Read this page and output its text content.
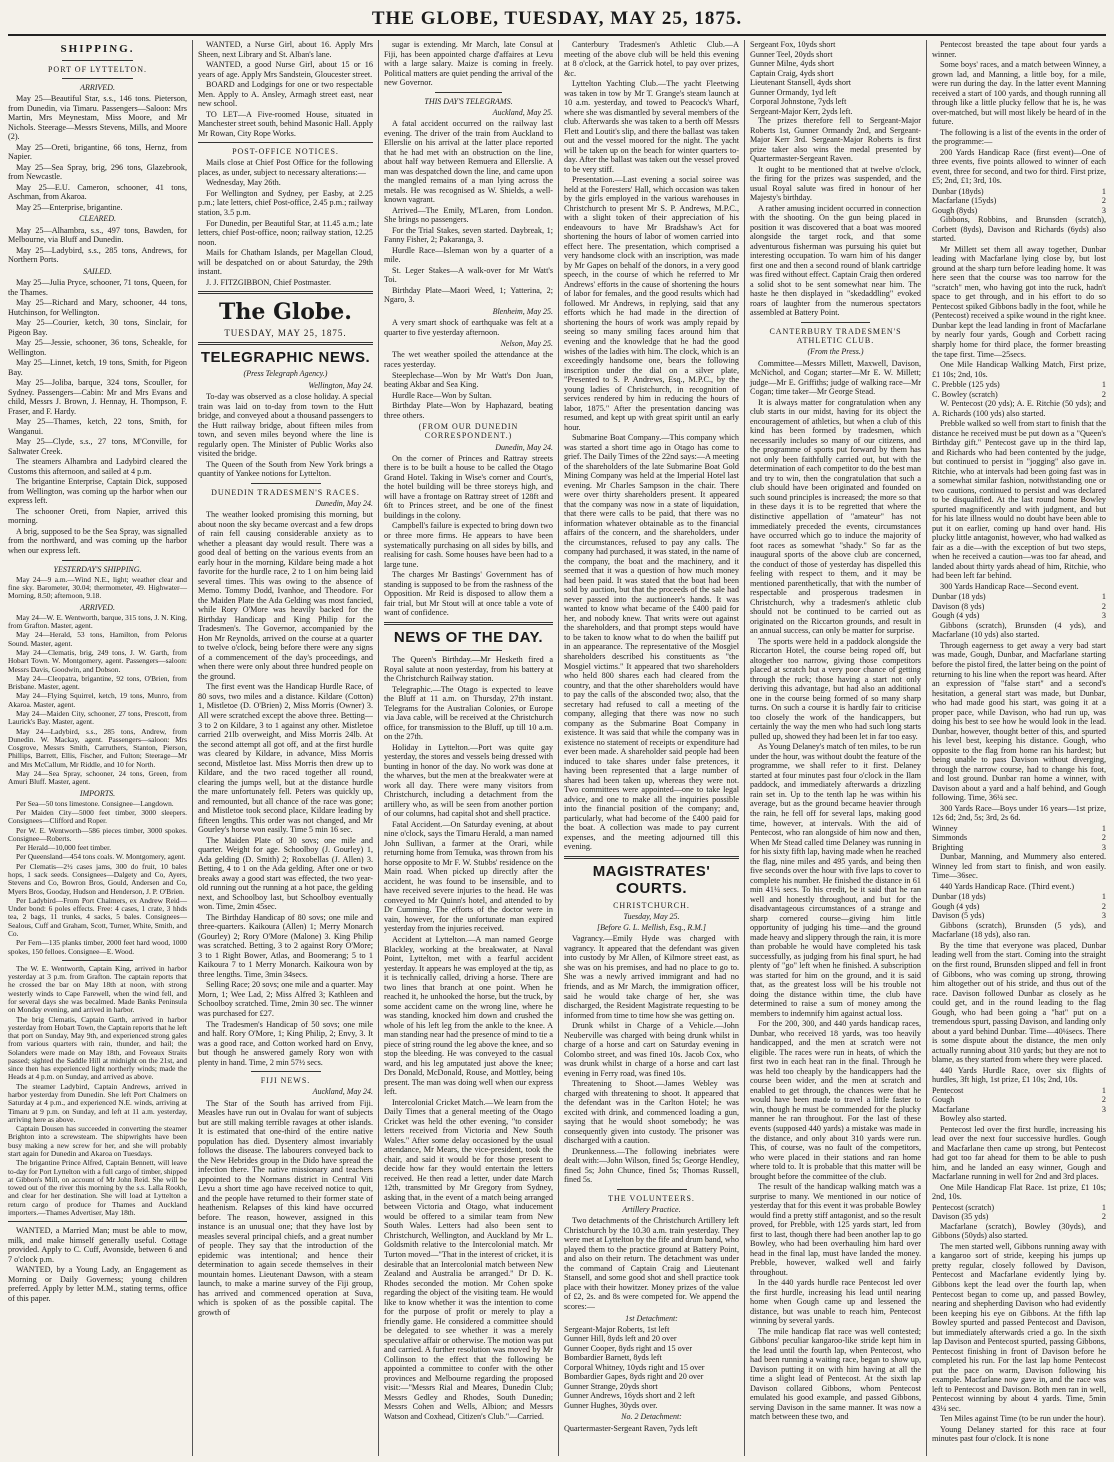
THE GLOBE, TUESDAY, MAY 25, 1875.
SHIPPING.
PORT OF LYTTELTON.
ARRIVED.

May 25—Beautiful Star, s.s., 146 tons. Pieterson, from Dunedin, via Timaru. Passengers—Saloon: Mrs Martin, Mrs Meynestam, Miss Moore, and Mr Nichols. Steerage—Messrs Stevens, Mills, and Moore (2).

May 25—Oreti, brigantine, 66 tons, Hernz, from Napier.

May 25—Sea Spray, brig, 296 tons, Glazebrook, from Newcastle.

May 25—E.U. Cameron, schooner, 41 tons, Aschman, from Akaroa.

May 25—Enterprise, brigantine.

CLEARED.

May 25—Alhambra, s.s., 497 tons, Bawden, for Melbourne, via Bluff and Dunedin.

May 25—Ladybird, s.s., 285 tons, Andrews, for Northern Ports.

SAILED.

May 25—Julia Pryce, schooner, 71 tons, Queen, for the Thames.

May 25—Richard and Mary, schooner, 44 tons, Hutchinson, for Wellington.

May 25—Courier, ketch, 30 tons, Sinclair, for Pigeon Bay.

May 25—Jessie, schooner, 36 tons, Scheakle, for Wellington.

May 25—Linnet, ketch, 19 tons, Smith, for Pigeon Bay.

May 25—Joliba, barque, 324 tons, Scouller, for Sydney. Passengers—Cabin: Mr and Mrs Evans and child, Messrs J. Brown, J. Hennay, H. Thompson, F. Fraser, and F. Hardy.

May 25—Thames, ketch, 22 tons, Smith, for Wanganui.

May 25—Clyde, s.s., 27 tons, M'Conville, for Saltwater Creek.

The steamers Alhambra and Ladybird cleared the Customs this afternoon, and sailed at 4 p.m.

The brigantine Enterprise, Captain Dick, supposed from Wellington, was coming up the harbor when our express left.

The schooner Oreti, from Napier, arrived this morning.

A brig, supposed to be the Sea Spray, was signalled from the northward, and was coming up the harbor when our express left.

YESTERDAY'S SHIPPING.

May 24—9 a.m.—Wind N.E., light; weather clear and fine sky. Barometer, 30.04; thermometer, 49. Highwater—Morning, 8.50; afternoon, 9.18.

ARRIVED.

May 24—W. E. Wentworth, barque, 315 tons, J. N. King, from Grafton. Master, agent.

May 24—Herald, 53 tons, Hamilton, from Pelorus Sound. Master, agent.

May 24—Clematis, brig, 249 tons, J. W. Garth, from Hobart Town. W. Montgomery, agent. Passengers—saloon: Messrs Davis, Goodwin, and Dobson.

May 24—Cleopatra, brigantine, 92 tons, O'Brien, from Brisbane. Master, agent.

May 24—Flying Squirrel, ketch, 19 tons, Munro, from Akaroa. Master, agent.

May 24—Maiden City, schooner, 27 tons, Prescott, from Laurick's Bay. Master, agent.

May 24—Ladybird, s.s., 285 tons, Andrew, from Dunedin. W. Mackay, agent. Passengers—saloon: Mrs Cosgrove, Messrs Smith, Carruthers, Stanton, Pierson, Phillips, Barrett, Ellis, Fischer, and Fulton; Steerage—Mr and Mrs McCallum, Mr Riddle, and 10 for North.

May 24—Sea Spray, schooner, 24 tons, Green, from Amuri Bluff. Master, agent.

IMPORTS.

Per Sea—50 tons limestone. Consignee—Langdown.

Per Maiden City—5000 feet timber, 3000 sleepers. Consignees—Clifford and Roper.

Per W. E. Wentworth—586 pieces timber, 3000 spokes. Consignee—Roberts.

Per Herald—10,000 feet timber.

Per Queensland—454 tons coals. W. Montgomery, agent.

Per Clematis—2½ cases jams, 300 do fruit, 10 bales hops, 1 sack seeds. Consignees—Dalgety and Co, Ayers, Stevens and Co, Bowron Bros, Gould, Andersen and Co, Myers Bros, Gooday, Hudson and Henderson, J. P. O'Brien.

Per Ladybird—From Port Chalmers, ex Andrew Reid—Under bond: 6 poles effects. Free: 4 cases, 1 crate, 3 hhds tea, 2 bags, 11 trunks, 4 sacks, 5 bales. Consignees—Sealous, Cuff and Graham, Scott, Turner, White, Smith, and Co.

Per Fern—135 planks timber, 2000 feet hard wood, 1000 spokes, 150 felloes. Consignee—E. Wood.

The W. E. Wentworth, Captain King, arrived in harbor yesterday at 3 p.m. from Grafton. The captain reports that he crossed the bar on May 18th at noon, with strong westerly winds to Cape Farewell, when the wind fell, and for several days she was becalmed. Made Banks Peninsula on Monday evening, and arrived in harbor.

The brig Clematis, Captain Garth, arrived in harbor yesterday from Hobart Town, the Captain reports that he left that port on Sunday, May 9th, and experienced strong gales from various quarters with rain, thunder, and hail; the Solanders were made on May 18th, and Foveaux Straits passed; sighted the Saddle Hill at midnight on the 21st, and since then has experienced light northerly winds; made the Heads at 4 p.m. on Sunday, and arrived as above.

The steamer Ladybird, Captain Andrews, arrived in harbor yesterday from Dunedin. She left Port Chalmers on Saturday at 4 p.m., and experienced N.E. winds, arriving at Timaru at 9 p.m. on Sunday, and left at 11 a.m. yesterday, arriving here as above.

Captain Dousen has succeeded in converting the steamer Brighton into a screwsteam. The shipwrights have been busy making a new screw for her, and she will probably start again for Dunedin and Akaroa on Tuesdays.

The brigantine Prince Alfred, Captain Bennett, will leave to-day for Port Lyttelton with a full cargo of timber, shipped at Gibbon's Mill, on account of Mr John Reid. She will be towed out of the river this morning by the s.s. Lalla Rookh, and clear for her destination. She will load at Lyttelton a return cargo of produce for Thames and Auckland importers.—Thames Advertiser, May 18th.

WANTED, a Married Man; must be able to mow, milk, and make himself generally useful. Cottage provided. Apply to C. Cuff, Avonside, between 6 and 7 o'clock p.m.

WANTED, by a Young Lady, an Engagement as Morning or Daily Governess; young children preferred. Apply by letter M.M., stating terms, office of this paper.

WANTED, a Nurse Girl, about 16. Apply Mrs Sheen, next Library and St. Alban's lane.

WANTED, a good Nurse Girl, about 15 or 16 years of age. Apply Mrs Sandstein, Gloucester street.

BOARD and Lodgings for one or two respectable Men. Apply to A. Ansley, Armagh street east, near new school.

TO LET—A Five-roomed House, situated in Manchester street south, behind Masonic Hall. Apply Mr Rowan, City Rope Works.

POST-OFFICE NOTICES.

Mails close at Chief Post Office for the following places, as under, subject to necessary alterations:—

Wednesday, May 26th.

For Wellington and Sydney, per Easby, at 2.25 p.m.; late letters, chief Post-office, 2.45 p.m.; railway station, 3.5 p.m.

For Dunedin, per Beautiful Star, at 11.45 a.m.; late letters, chief Post-office, noon; railway station, 12.25 noon.

Mails for Chatham Islands, per Magellan Cloud, will be despatched on or about Saturday, the 29th instant.

J. J. FITZGIBBON, Chief Postmaster.

The Globe.
TUESDAY, MAY 25, 1875.
TELEGRAPHIC NEWS.
(Press Telegraph Agency.)
Wellington, May 24.

To-day was observed as a close holiday. A special train was laid on to-day from town to the Hutt bridge, and conveyed about a thousand passengers to the Hutt railway bridge, about fifteen miles from town, and seven miles beyond where the line is regularly open. The Minister of Public Works also visited the bridge.

The Queen of the South from New York brings a quantity of Yankee notions for Lyttelton.

DUNEDIN TRADESMEN'S RACES.
Dunedin, May 24.

The weather looked promising this morning, but about noon the sky became overcast and a few drops of rain fell causing considerable anxiety as to whether a pleasant day would result. There was a good deal of betting on the various events from an early hour in the morning, Kildare being made a hot favorite for the hurdle race, 2 to 1 on him being laid several times. This was owing to the absence of Memo. Tommy Dodd, Ivanhoe, and Theodore. For the Maiden Plate the Ada Gelding was most fancied, while Rory O'More was heavily backed for the Birthday Handicap and King Philip for the Tradesmen's. The Governor, accompanied by the Hon Mr Reynolds, arrived on the course at a quarter to twelve o'clock, being before there were any signs of a commencement of the day's proceedings, and when there were only about three hundred people on the ground.

The first event was the Handicap Hurdle Race, of 80 sovs, two miles and a distance. Kildare (Cotton) 1, Mistletoe (D. O'Brien) 2, Miss Morris (Owner) 3. All were scratched except the above three. Betting—3 to 2 on Kildare, 3 to 1 against any other. Mistletoe carried 21lb overweight, and Miss Morris 24lb. At the second attempt all got off, and at the first hurdle was cleared by Kildare, in advance, Miss Morris second, Mistletoe last. Miss Morris then drew up to Kildare, and the two raced together all round, clearing the jumps well, but at the distance hurdle the mare unfortunately fell. Peters was quickly up, and remounted, but all chance of the race was gone; and Mistletoe took second place, Kildare leading by fifteen lengths. This order was not changed, and Mr Gourley's horse won easily. Time 5 min 16 sec.

The Maiden Plate of 30 sovs; one mile and quarter. Weight for age. Schoolboy (J. Gourley) 1, Ada gelding (D. Smith) 2; Roxobellas (J. Allen) 3. Betting, 4 to 1 on the Ada gelding. After one or two breaks away a good start was effected, the two year-old running out the running at a hot pace, the gelding next, and Schoolboy last, but Schoolboy eventually won. Time, 2min 45sec.

The Birthday Handicap of 80 sovs; one mile and three-quarters. Kaikoura (Allen) 1; Merry Monarch (Gourley) 2; Rory O'More (Malone) 3. King Philip was scratched. Betting, 3 to 2 against Rory O'More; 3 to 1 Right Bower, Atlas, and Boomerang; 5 to 1 Kaikoura 7 to 1 Merry Monarch. Kaikoura won by three lengths. Time, 3min 34secs.

Selling Race; 20 sovs; one mile and a quarter. May Morn, 1; Wee Lad, 2; Miss Alfred 3; Kathleen and Schoolboy scratched. Time, 2min 30 sec. The winner was purchased for £27.

The Tradesmen's Handicap of 50 sovs; one mile and half. Rory O'More, 1; King Philip, 2; Envy, 3. It was a good race, and Cotton worked hard on Envy, but though he answered gamely Rory won with plenty in hand. Time, 2 min 57½ secs.

FIJI NEWS.
Auckland, May 24.

The Star of the South has arrived from Fiji. Measles have run out in Ovalau for want of subjects but are still making terrible ravages at other islands. It is estimated that one-third of the entire native population has died. Dysentery almost invariably follows the disease. The labourers conveyed back to the New Hebrides group in the Dido have spread the infection there. The native missionary and teachers appointed to the Normans district in Central Viti Levu a short time ago have received notice to quit, and the people have returned to their former state of heathenism. Relapses of this kind have occurred before. The reason, however, assigned in this instance is an unusual one; that they have lost by measles several principal chiefs, and a great number of people. They say that the introduction of the epidemic was intentional; and hence their determination to again secede themselves in their mountain homes. Lieutenant Dawson, with a steam launch, to make a marine survey of the Fiji group, has arrived and commenced operation at Suva, which is spoken of as the possible capital. The growth of

sugar is extending. Mr March, late Consul at Fiji, has been appointed charge d'affaires at Levu with a large salary. Maize is coming in freely. Political matters are quiet pending the arrival of the new Governor.

THIS DAY'S TELEGRAMS.
Auckland, May 25.

A fatal accident occurred on the railway last evening. The driver of the train from Auckland to Ellerslie on his arrival at the latter place reported that he had met with an obstruction on the line, about half way between Remuera and Ellerslie. A man was despatched down the line, and came upon the mangled remains of a man lying across the metals. He was recognised as W. Shields, a well-known vagrant.

Arrived—The Emily, M'Laren, from London. She brings no passengers.

For the Trial Stakes, seven started. Daybreak, 1; Fanny Fisher, 2; Pakaranga, 3.

Hurdle Race—Isleman won by a quarter of a mile.

St. Leger Stakes—A walk-over for Mr Watt's Toi.

Birthday Plate—Maori Weed, 1; Yatterina, 2; Ngaro, 3.

Blenheim, May 25.

A very smart shock of earthquake was felt at a quarter to five yesterday afternoon.

Nelson, May 25.

The wet weather spoiled the attendance at the races yesterday.

Steeplechase—Won by Mr Watt's Don Juan, beating Akbar and Sea King.

Hurdle Race—Won by Sultan.

Birthday Plate—Won by Haphazard, beating three others.

(FROM OUR DUNEDIN CORRESPONDENT.)
Dunedin, May 24.

On the corner of Princes and Rattray streets there is to be built a house to be called the Otago Grand Hotel. Taking in Wise's corner and Court's, the hotel building will be three storeys high, and will have a frontage on Rattray street of 128ft and 6ft to Princes street, and be one of the finest buildings in the colony.

Campbell's failure is expected to bring down two or three more firms. He appears to have been systematically purchasing on all sides by bills, and realising for cash. Some houses have been had to a large tune.

The charges Mr Bastings' Government has of standing is supposed to be from the rashness of the Opposition. Mr Reid is disposed to allow them a fair trial, but Mr Stout will at once table a vote of want of confidence.

NEWS OF THE DAY.

The Queen's Birthday.—Mr Hesketh fired a Royal salute at noon yesterday, from his battery at the Christchurch Railway station.

Telegraphic.—The Otago is expected to leave the Bluff at 11 a.m. on Thursday, 27th instant. Telegrams for the Australian Colonies, or Europe via Java cable, will be received at the Christchurch office, for transmission to the Bluff, up till 10 a.m. on the 27th.

Holiday in Lyttelton.—Port was quite gay yesterday, the stores and vessels being dressed with bunting in honor of the day. No work was done at the wharves, but the men at the breakwater were at work all day. There were many visitors from Christchurch, including a detachment from the artillery who, as will be seen from another portion of our columns, had capital shot and shell practice.

Fatal Accident.—On Saturday evening, at about nine o'clock, says the Timaru Herald, a man named John Sullivan, a farmer at the Orari, while returning home from Temuka, was thrown from his horse opposite to Mr F. W. Stubbs' residence on the Main road. When picked up directly after the accident, he was found to be insensible, and to have received severe injuries to the head. He was conveyed to Mr Quinn's hotel, and attended to by Dr Cumming. The efforts of the doctor were in vain, however, for the unfortunate man expired yesterday from the injuries received.

Accident at Lyttelton.—A man named George Blackley, working at the breakwater, at Naval Point, Lyttelton, met with a fearful accident yesterday. It appears he was employed at the tip, as it is technically called, driving a horse. There are two lines that branch at one point. When he reached it, he unhooked the horse, but the truck, by some accident came on the wrong line, where he was standing, knocked him down and crushed the whole of his left leg from the ankle to the knee. A man standing near had the presence of mind to tie a piece of string round the leg above the knee, and so stop the bleeding. He was conveyed to the casual ward, and his leg amputated just above the knee; Drs Donald, McDonald, Rouse, and Mottley, being present. The man was doing well when our express left.

Intercolonial Cricket Match.—We learn from the Daily Times that a general meeting of the Otago Cricket was held the other evening, "to consider letters received from Victoria and New South Wales." After some delay occasioned by the usual attendance, Mr Mears, the vice-president, took the chair, and said it would be for those present to decide how far they would entertain the letters received. He then read a letter, under date March 12th, transmitted by Mr Gregory from Sydney, asking that, in the event of a match being arranged between Victoria and Otago, what inducement would be offered to a similar team from New South Wales. Letters had also been sent to Christchurch, Wellington, and Auckland by Mr L. Goldsmith relative to the Intercolonial match. Mr Turton moved—"That in the interest of cricket, it is desirable that an Intercolonial match between New Zealand and Australia be arranged." Dr D. K. Rhodes seconded the motion. Mr Cohen spoke regarding the object of the visiting team. He would like to know whether it was the intention to come for the purpose of profit or merely to play a friendly game. He considered a committee should be delegated to see whether it was a merely speculative affair or otherwise. The motion was put and carried. A further resolution was moved by Mr Collinson to the effect that the following be appointed a committee to confer with the other provinces and Melbourne regarding the proposed visit:—"Messrs Rial and Meares, Dunedin Club; Messrs Gedley and Rhodes, South Dunedin; Messrs Cohen and Wells, Albion; and Messrs Watson and Coxhead, Citizen's Club."—Carried.

Canterbury Tradesmen's Athletic Club.—A meeting of the above club will be held this evening at 8 o'clock, at the Garrick hotel, to pay over prizes, &c.

Lyttelton Yachting Club.—The yacht Fleetwing was taken in tow by Mr T. Grange's steam launch at 10 a.m. yesterday, and towed to Peacock's Wharf, where she was dismantled by several members of the club. Afterwards she was taken to a berth off Messrs Flett and Loutit's slip, and there the ballast was taken out and the vessel moored for the night. The yacht will be taken up on the beach for winter quarters to-day. After the ballast was taken out the vessel proved to be very stiff.

Presentation.—Last evening a social soiree was held at the Foresters' Hall, which occasion was taken by the girls employed in the various warehouses in Christchurch to present Mr S. P. Andrews, M.P.C., with a slight token of their appreciation of his endeavours to have Mr Bradshaw's Act for shortening the hours of labor of women carried into effect here. The presentation, which comprised a very handsome clock with an inscription, was made by Mr Gapes on behalf of the donors, in a very good speech, in the course of which he referred to Mr Andrews' efforts in the cause of shortening the hours of labor for females, and the good results which had followed. Mr Andrews, in replying, said that any efforts which he had made in the direction of shortening the hours of work was amply repaid by seeing so many smiling faces around him that evening and the knowledge that he had the good wishes of the ladies with him. The clock, which is an exceedingly handsome one, bears the following inscription under the dial on a silver plate, "Presented to S. P. Andrews, Esq., M.P.C., by the young ladies of Christchurch, in recognition of services rendered by him in reducing the hours of labor, 1875." After the presentation dancing was resumed, and kept up with great spirit until an early hour.

Submarine Boat Company.—This company which was started a short time ago in Otago has come to grief. The Daily Times of the 22nd says:—A meeting of the shareholders of the late Submarine Boat Gold Mining Company was held at the Imperial Hotel last evening. Mr Charles Sampson in the chair. There were over thirty shareholders present. It appeared that the company was now in a state of liquidation, that there were calls to be paid, that there was no information whatever obtainable as to the financial affairs of the concern, and the shareholders, under the circumstances, refused to pay any calls. The company had purchased, it was stated, in the name of the company, the boat and the machinery, and it seemed that it was a question of how much money had been paid. It was stated that the boat had been sold by auction, but that the proceeds of the sale had never passed into the auctioneer's hands. It was wanted to know what became of the £400 paid for her, and nobody knew. That writs were out against the shareholders, and that prompt steps would have to be taken to know what to do when the bailiff put in an appearance. The representative of the Mosgiel shareholders described his constituents as "the Mosgiel victims." It appeared that two shareholders who held 800 shares each had cleared from the country, and that the other shareholders would have to pay the calls of the absconded two; also, that the secretary had refused to call a meeting of the company, alleging that there was now no such company as the Submarine Boat Company in existence. It was said that while the company was in existence no statement of receipts or expenditure had ever been made. A shareholder said people had been induced to take shares under false pretences, it having been represented that a large number of shares had been taken up, whereas they were not. Two committees were appointed—one to take legal advice, and one to make all the inquiries possible into the financial position of the company; and, particularly, what had become of the £400 paid for the boat. A collection was made to pay current expenses, and the meeting adjourned till this evening.

MAGISTRATES' COURTS.
CHRISTCHURCH.
Tuesday, May 25.
[Before G. L. Mellish, Esq., R.M.]

Vagrancy.—Emily Hyde was charged with vagrancy. It appeared that the defendant was given into custody by Mr Allen, of Kilmore street east, as she was on his premises, and had no place to go to. She was a newly arrived immigrant and had no friends, and as Mr March, the immigration officer, said he would take charge of her, she was discharged, the Resident Magistrate requesting to be informed from time to time how she was getting on.

Drunk whilst in Charge of a Vehicle.—John Neuberville was charged with being drunk whilst in charge of a horse and cart on Saturday evening in Colombo street, and was fined 10s. Jacob Cox, who was drunk whilst in charge of a horse and cart last evening in Ferry road, was fined 10s.

Threatening to Shoot.—James Webley was charged with threatening to shoot. It appeared that the defendant was in the Carlton Hotel; he was excited with drink, and commenced loading a gun, saying that he would shoot somebody; he was consequently given into custody. The prisoner was discharged with a caution.

Drunkenness.—The following inebriates were dealt with:—John Wilson, fined 5s; George Hendley, fined 5s; John Chunce, fined 5s; Thomas Russell, fined 5s.

THE VOLUNTEERS.
Artillery Practice.

Two detachments of the Christchurch Artillery left Christchurch by the 10.30 a.m. train yesterday. They were met at Lyttelton by the fife and drum band, who played them to the practice ground at Battery Point, and also on their return. The detachment was under the command of Captain Craig and Lieutenant Stansell, and some good shot and shell practice took place with their howitzer. Money prizes of the value of £2, 2s. and 8s were competed for. We append the scores:—

1st Detachment:
Sergeant-Major Roberts, 1st left
Gunner Hill, 8yds left and 20 over
Gunner Cooper, 8yds right and 15 over
Bombardier Barnett, 8yds left
Corporal Whitney, 10yds right and 15 over
Bombardier Gapes, 8yds right and 20 over
Gunner Strange, 20yds short
Gunner Andrews, 16yds short and 2 left
Gunner Hughes, 30yds over.
No. 2 Detachment:
Quartermaster-Sergeant Raven, 7yds left
Sergeant Fox, 10yds short
Gunner Teel, 20yds short
Gunner Milne, 4yds short
Captain Craig, 4yds short
Lieutenant Stansell, 4yds short
Gunner Ormandy, 1yd left
Corporal Johnstone, 7yds left
Sergeant-Major Kerr, 2yds left.

The prizes therefore fell to Sergeant-Major Roberts 1st, Gunner Ormandy 2nd, and Sergeant-Major Kerr 3rd. Sergeant-Major Roberts is first prize taker also wins the medal presented by Quartermaster-Sergeant Raven.

It ought to be mentioned that at twelve o'clock, the firing for the prizes was suspended, and the usual Royal salute was fired in honour of her Majesty's birthday.

A rather amusing incident occurred in connection with the shooting. On the gun being placed in position it was discovered that a boat was moored alongside the target rock, and that some adventurous fisherman was pursuing his quiet but interesting occupation. To warn him of his danger first one and then a second round of blank cartridge was fired without effect. Captain Craig then ordered a solid shot to be sent somewhat near him. The haste he then displayed in "skedaddling" evoked roars of laughter from the numerous spectators assembled at Battery Point.

CANTERBURY TRADESMEN'S ATHLETIC CLUB.
(From the Press.)

Committee—Messrs Millett, Maxwell, Davison, McNichol, and Cogan; starter—Mr E. W. Millett; judge—Mr E. Griffiths; judge of walking race—Mr Cogan; time taker—Mr George Stead.

It is always matter for congratulation when any club starts in our midst, having for its object the encouragement of athletics, but when a club of this kind has been formed by tradesmen, which necessarily includes so many of our citizens, and the programme of sports put forward by them has not only been faithfully carried out, but with the determination of each competitor to do the best man and try to win, then the congratulation that such a club should have been originated and founded on such sound principles is increased; the more so that in these days it is to be regretted that where the distinctive appellation of "amateur" has not immediately preceded the events, circumstances have occurred which go to induce the majority of foot races as somewhat "shady." So far as the inaugural sports of the above club are concerned, the conduct of those of yesterday has dispelled this feeling with respect to them, and it may be mentioned parenthetically, that with the number of respectable and prosperous tradesmen in Christchurch, why a tradesmen's athletic club should not be continued to be carried out as originated on the Riccarton grounds, and result in an annual success, can only be matter for surprise.

The sports were held in a paddock alongside the Riccarton Hotel, the course being roped off, but altogether too narrow, giving those competitors placed at scratch but a very poor chance of getting through the ruck; those having a start not only deriving this advantage, but had also an additional one in the course being formed of so many sharp turns. On such a course it is hardly fair to criticise too closely the work of the handicappers, but certainly the way the men who had such long starts pulled up, showed they had been let in far too easy.

As Young Delaney's match of ten miles, to be run under the hour, was without doubt the feature of the programme, we shall refer to it first. Delaney started at four minutes past four o'clock in the Ilam paddock, and immediately afterwards a drizzling rain set in. Up to the tenth lap he was within his average, but as the ground became heavier through the rain, he fell off for several laps, making good time, however, at intervals. With the aid of Pentecost, who ran alongside of him now and then, When Mr Stead called time Delaney was running in for his sixty fifth lap, having made when he reached the flag, nine miles and 495 yards, and being then five seconds over the hour with five laps to cover to complete his number. He finished the distance in 61 min 41¼ secs. To his credit, be it said that he ran well and honestly throughout, and but for the disadvantageous circumstances of a strange and sharp cornered course—giving him little opportunity of judging his time—and the ground made heavy and slippery through the rain, it is more than probable he would have completed his task successfully, as judging from his final spurt, he had plenty of "go" left when he finished. A subscription was started for him on the ground, and it is said that, as the greatest loss will be his trouble not doing the distance within time, the club have determined to raise a sum of money among the members to indemnify him against actual loss.

For the 200, 300, and 440 yards handicap races, Dunbar, who received 18 yards, was too heavily handicapped, and the men at scratch were not eligible. The races were run in heats, of which the first two in each heat ran in the final. Through he was held too cheaply by the handicappers had the course been wider, and the men at scratch and enabled to get through, the chances were that he would have been made to travel a little faster to win, though he must be commended for the plucky manner he ran throughout. For the last of these events (supposed 440 yards) a mistake was made in the distance, and only about 310 yards were run. This, of course, was no fault of the competitors, who were placed in their stations and ran home where told to. It is probable that this matter will be brought before the committee of the club.

The result of the handicap walking match was a surprise to many. We mentioned in our notice of yesterday that for this event it was probable Bowley would find a pretty stiff antagonist, and so the result proved, for Prebble, with 125 yards start, led from first to last, though there had been another lap to go Bowley, who had been overhauling him hard over head in the final lap, must have landed the money. Prebble, however, walked well and fairly throughout.

In the 440 yards hurdle race Pentecost led over the first hurdle, increasing his lead until nearing home when Gough came up and lessened the distance, but was unable to reach him, Pentecost winning by several yards.

The mile handicap flat race was well contested; Gibbons' peculiar kangaroo-like stride kept him in the lead until the fourth lap, when Pentecost, who had been running a waiting race, began to show up, Davison putting it on with him having at all the time a slight lead of Pentecost. At the sixth lap Davison collared Gibbons, whom Pentecost emulated his good example, and passed Gibbons, serving Davison in the same manner. It was now a match between these two, and

Pentecost breasted the tape about four yards a winner.

Some boys' races, and a match between Winney, a grown lad, and Manning, a little boy, for a mile, were run during the day. In the latter event Manning received a start of 100 yards, and though running all through like a little plucky fellow that he is, he was over-matched, but will most likely be heard of in the future.

The following is a list of the events in the order of the programme:—

200 Yards Handicap Race (first event)—One of three events, five points allowed to winner of each event, three for second, and two for third. First prize, £5; 2nd, £1; 3rd, 10s.

Dunbar (18yds)	1
Macfarlane (15yds)	2
Gough (8yds)	3

Gibbons, Robbins, and Brunsden (scratch), Corbett (8yds), Davison and Richards (6yds) also started.

Mr Millett set them all away together, Dunbar leading with Macfarlane lying close by, but lost ground at the sharp turn before leading home. It was here seen that the course was too narrow for the "scratch" men, who having got into the ruck, hadn't space to get through, and in his effort to do so Pentecost spiked Gibbons badly in the foot, while he (Pentecost) received a spike wound in the right knee. Dunbar kept the lead landing in front of Macfarlane by nearly four yards, Gough and Corbett racing sharply home for third place, the former breasting the tape first. Time—25secs.

One Mile Handicap Walking Match, First prize, £1 10s; 2nd, 10s.

C. Prebble (125 yds)	1
C. Bowley (scratch)	2

W. Pentecost (20 yds); A. E. Ritchie (50 yds); and A. Richards (100 yds) also started.

Prebble walked so well from start to finish that the distance he received must be put down as a "Queen's Birthday gift." Pentecost gave up in the third lap, and Richards who had been contented by the judge, but continued to persist in "jogging" also gave in. Ritchie, who at intervals had been going fast was in a somewhat similar fashion, notwithstanding one or two cautions, continued to persist and was declared to be disqualified. At the last round home Bowley spurted magnificently and with judgment, and but for his late illness would no doubt have been able to put it on earlier, coming up hand over hand. His plucky little antagonist, however, who had walked as fair as a die—with the exception of but two steps, when he received a caution—was too far ahead, and landed about thirty yards ahead of him, Ritchie, who had been left far behind.

300 Yards Handicap Race—Second event.

Dunbar (18 yds)	1
Davison (8 yds)	2
Gough (4 yds)	3

Gibbons (scratch), Brunsden (4 yds), and Macfarlane (10 yds) also started.

Through eagerness to get away a very bad start was made, Gough, Dunbar, and Macfarlane starting before the pistol fired, the latter being on the point of returning to his line when the report was heard. After an expression of "false start" and a second's hesitation, a general start was made, but Dunbar, who had made good his start, was going it at a proper pace, while Davison, who had run up, was doing his best to see how he would look in the lead. Dunbar, however, thought better of this, and spurted his level best, keeping his distance. Gough, who opposite to the flag from home ran his hardest; but being unable to pass Davison without diverging, through the narrow course, had to change his foot, and lost ground. Dunbar ran home a winner, with Davison about a yard and a half behind, and Gough following. Time, 36¼ sec.

300 Yards Race—Boys under 16 years—1st prize, 12s 6d; 2nd, 5s; 3rd, 2s 6d.

Winney	1
Simmonds	2
Brighting	3

Dunbar, Manning, and Mummery also entered. Winney led from start to finish, and won easily. Time—36sec.

440 Yards Handicap Race. (Third event.)

Dunbar (18 yds)	1
Gough (4 yds)	2
Davison (5 yds)	3

Gibbons (scratch), Brunsden (5 yds), and Macfarlane (18 yds), also ran.

By the time that everyone was placed, Dunbar leading well from the start. Coming into the straight on the first round, Brunsden slipped and fell in front of Gibbons, who was coming up strong, throwing him altogether out of his stride, and thus out of the race. Davison followed Dunbar as closely as he could get, and in the round leading to the flag Gough, who had been going a "hat" put on a tremendous spurt, passing Davison, and landing only about a yard behind Dunbar. Time—40¼secs. There is some dispute about the distance, the men only actually running about 310 yards; but they are not to blame, as they started from where they were placed.

440 Yards Hurdle Race, over six flights of hurdles, 3ft high, 1st prize, £1 10s; 2nd, 10s.

Pentecost	1
Gough	2
Macfarlane	3

Bowley also started.

Pentecost led over the first hurdle, increasing his lead over the next four successive hurdles. Gough and Macfarlane then came up strong, but Pentecost had got too far ahead for them to be able to push him, and he landed an easy winner, Gough and Macfarlane running in well for 2nd and 3rd places.

One Mile Handicap Flat Race. 1st prize, £1 10s; 2nd, 10s.

Pentecost (scratch)	1
Davison (35 yds)	2

Macfarlane (scratch), Bowley (30yds), and Gibbons (50yds) also started.

The men started well, Gibbons running away with a kangaroo sort of stride, keeping his jumps up pretty regular, closely followed by Davison, Pentecost and Macfarlane evidently lying by. Gibbons kept the lead over the fourth lap, when Pentecost began to come up, and passed Bowley, nearing and shepherding Davison who had evidently been keeping his eye on Gibbons. At the fifth lap Bowley spurted and passed Pentecost and Davison, but immediately afterwards cried a go. In the sixth lap Davison and Pentecost spurted, passing Gibbons, Pentecost finishing in front of Davison before he completed his run. For the last lap home Pentecost put the pace on warm, Davison following his example. Macfarlane now gave in, and the race was left to Pentecost and Davison. Both men ran in well, Pentecost winning by about 4 yards. Time, 5min 43¼ sec.

Ten Miles against Time (to be run under the hour).

Young Delaney started for this race at four minutes past four o'clock. It is none
